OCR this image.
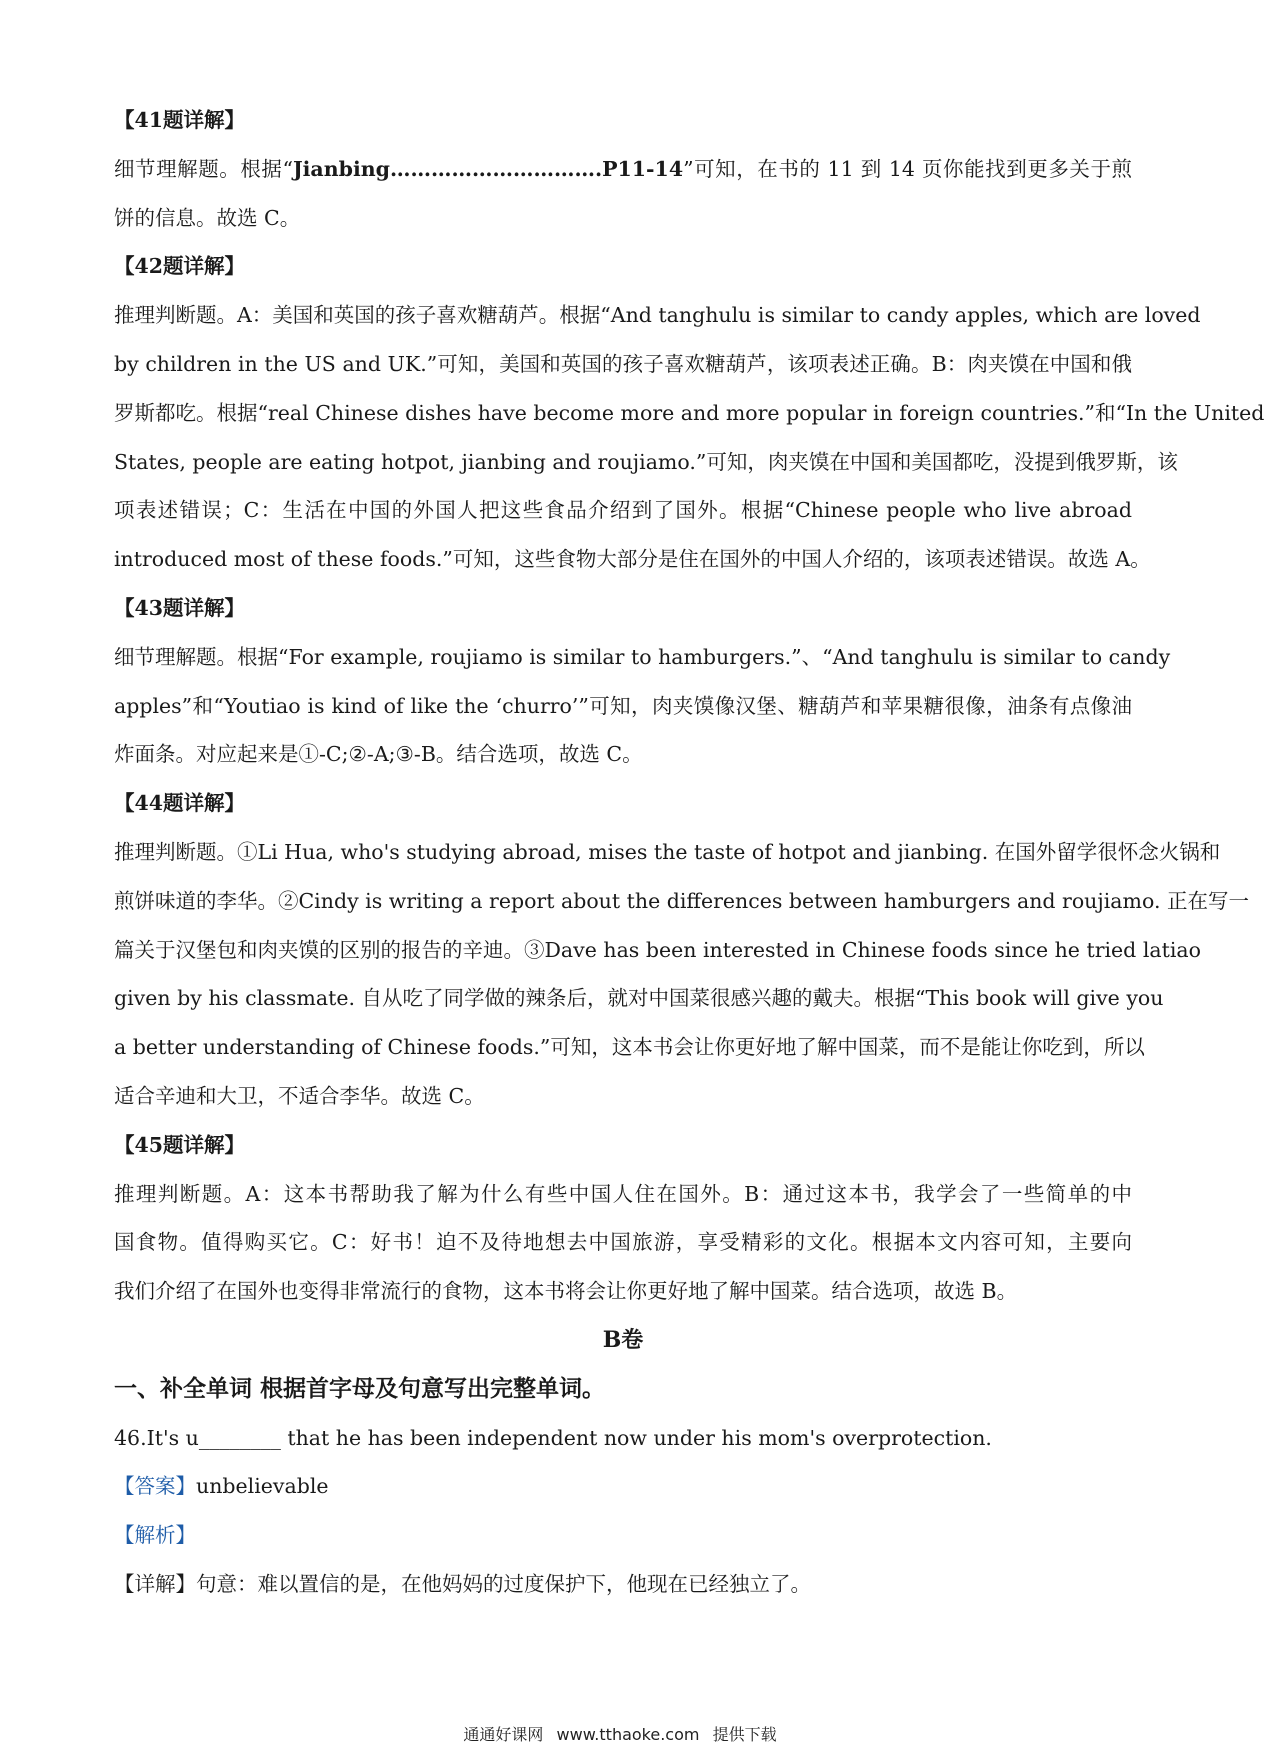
【41题详解】
细节理解题。根据“Jianbing………………………….P11-14”可知，在书的 11 到 14 页你能找到更多关于煎
饼的信息。故选 C。
【42题详解】
推理判断题。A：美国和英国的孩子喜欢糖葫芦。根据“And tanghulu is similar to candy apples, which are loved
by children in the US and UK.”可知，美国和英国的孩子喜欢糖葫芦，该项表述正确。B：肉夹馍在中国和俄
罗斯都吃。根据“real Chinese dishes have become more and more popular in foreign countries.”和“In the United
States, people are eating hotpot, jianbing and roujiamo.”可知，肉夹馍在中国和美国都吃，没提到俄罗斯，该
项表述错误；C：生活在中国的外国人把这些食品介绍到了国外。根据“Chinese people who live abroad
introduced most of these foods.”可知，这些食物大部分是住在国外的中国人介绍的，该项表述错误。故选 A。
【43题详解】
细节理解题。根据“For example, roujiamo is similar to hamburgers.”、“And tanghulu is similar to candy
apples”和“Youtiao is kind of like the ‘churro’”可知，肉夹馍像汉堡、糖葫芦和苹果糖很像，油条有点像油
炸面条。对应起来是①-C;②-A;③-B。结合选项，故选 C。
【44题详解】
推理判断题。①Li Hua, who's studying abroad, mises the taste of hotpot and jianbing. 在国外留学很怀念火锅和
煎饼味道的李华。②Cindy is writing a report about the differences between hamburgers and roujiamo. 正在写一
篇关于汉堡包和肉夹馍的区别的报告的辛迪。③Dave has been interested in Chinese foods since he tried latiao
given by his classmate. 自从吃了同学做的辣条后，就对中国菜很感兴趣的戴夫。根据“This book will give you
a better understanding of Chinese foods.”可知，这本书会让你更好地了解中国菜，而不是能让你吃到，所以
适合辛迪和大卫，不适合李华。故选 C。
【45题详解】
推理判断题。A：这本书帮助我了解为什么有些中国人住在国外。B：通过这本书，我学会了一些简单的中
国食物。值得购买它。C：好书！迫不及待地想去中国旅游，享受精彩的文化。根据本文内容可知，主要向
我们介绍了在国外也变得非常流行的食物，这本书将会让你更好地了解中国菜。结合选项，故选 B。
B卷
一、补全单词 根据首字母及句意写出完整单词。
46.It's u________ that he has been independent now under his mom's overprotection.
【答案】unbelievable
【解析】
【详解】句意：难以置信的是，在他妈妈的过度保护下，他现在已经独立了。
通通好课网 www.tthaoke.com 提供下载
